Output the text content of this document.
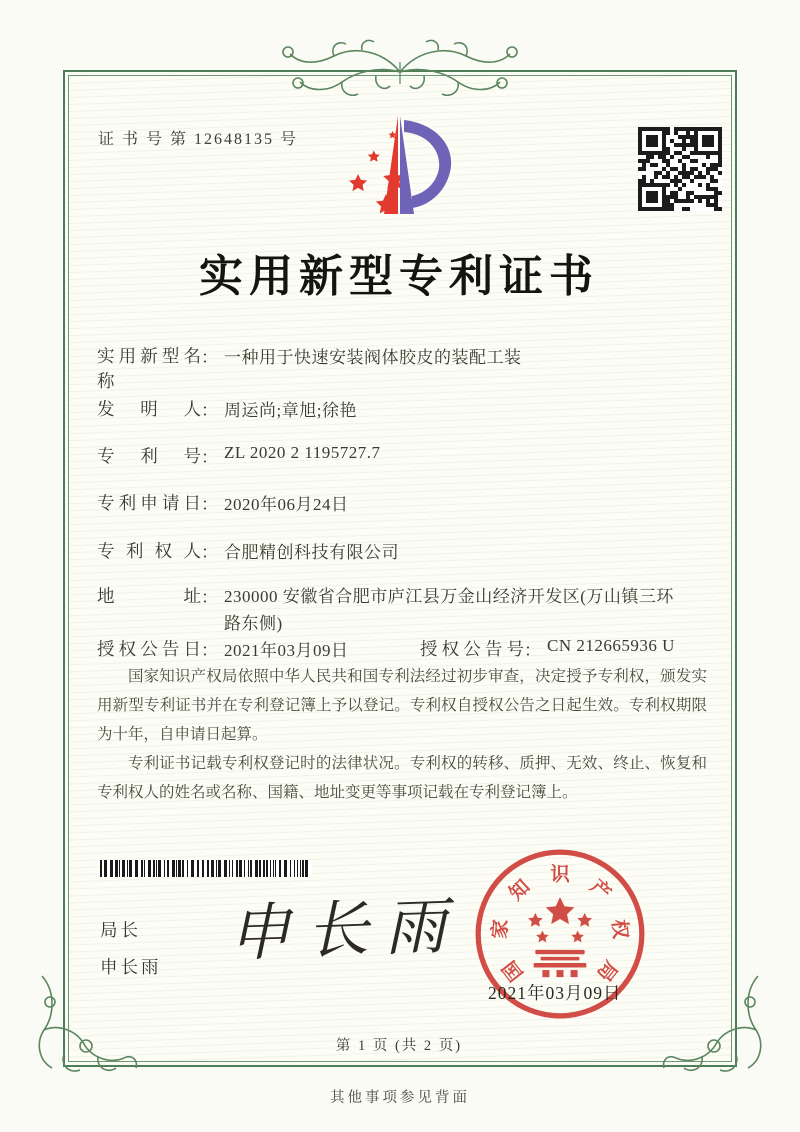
证 书 号 第 12648135 号
实用新型专利证书
实用新型名称： 一种用于快速安装阀体胶皮的装配工装
发明人： 周运尚;章旭;徐艳
专利号： ZL 2020 2 1195727.7
专利申请日： 2020年06月24日
专利权人： 合肥精创科技有限公司
地址： 230000 安徽省合肥市庐江县万金山经济开发区(万山镇三环路东侧)
授权公告日： 2021年03月09日	授权公告号： CN 212665936 U

国家知识产权局依照中华人民共和国专利法经过初步审查，决定授予专利权，颁发实用新型专利证书并在专利登记簿上予以登记。专利权自授权公告之日起生效。专利权期限为十年，自申请日起算。

专利证书记载专利权登记时的法律状况。专利权的转移、质押、无效、终止、恢复和专利权人的姓名或名称、国籍、地址变更等事项记载在专利登记簿上。

局长
申长雨 申长雨
国
家
知
识
产
权
局
2021年03月09日
第 1 页 (共 2 页)
其他事项参见背面
